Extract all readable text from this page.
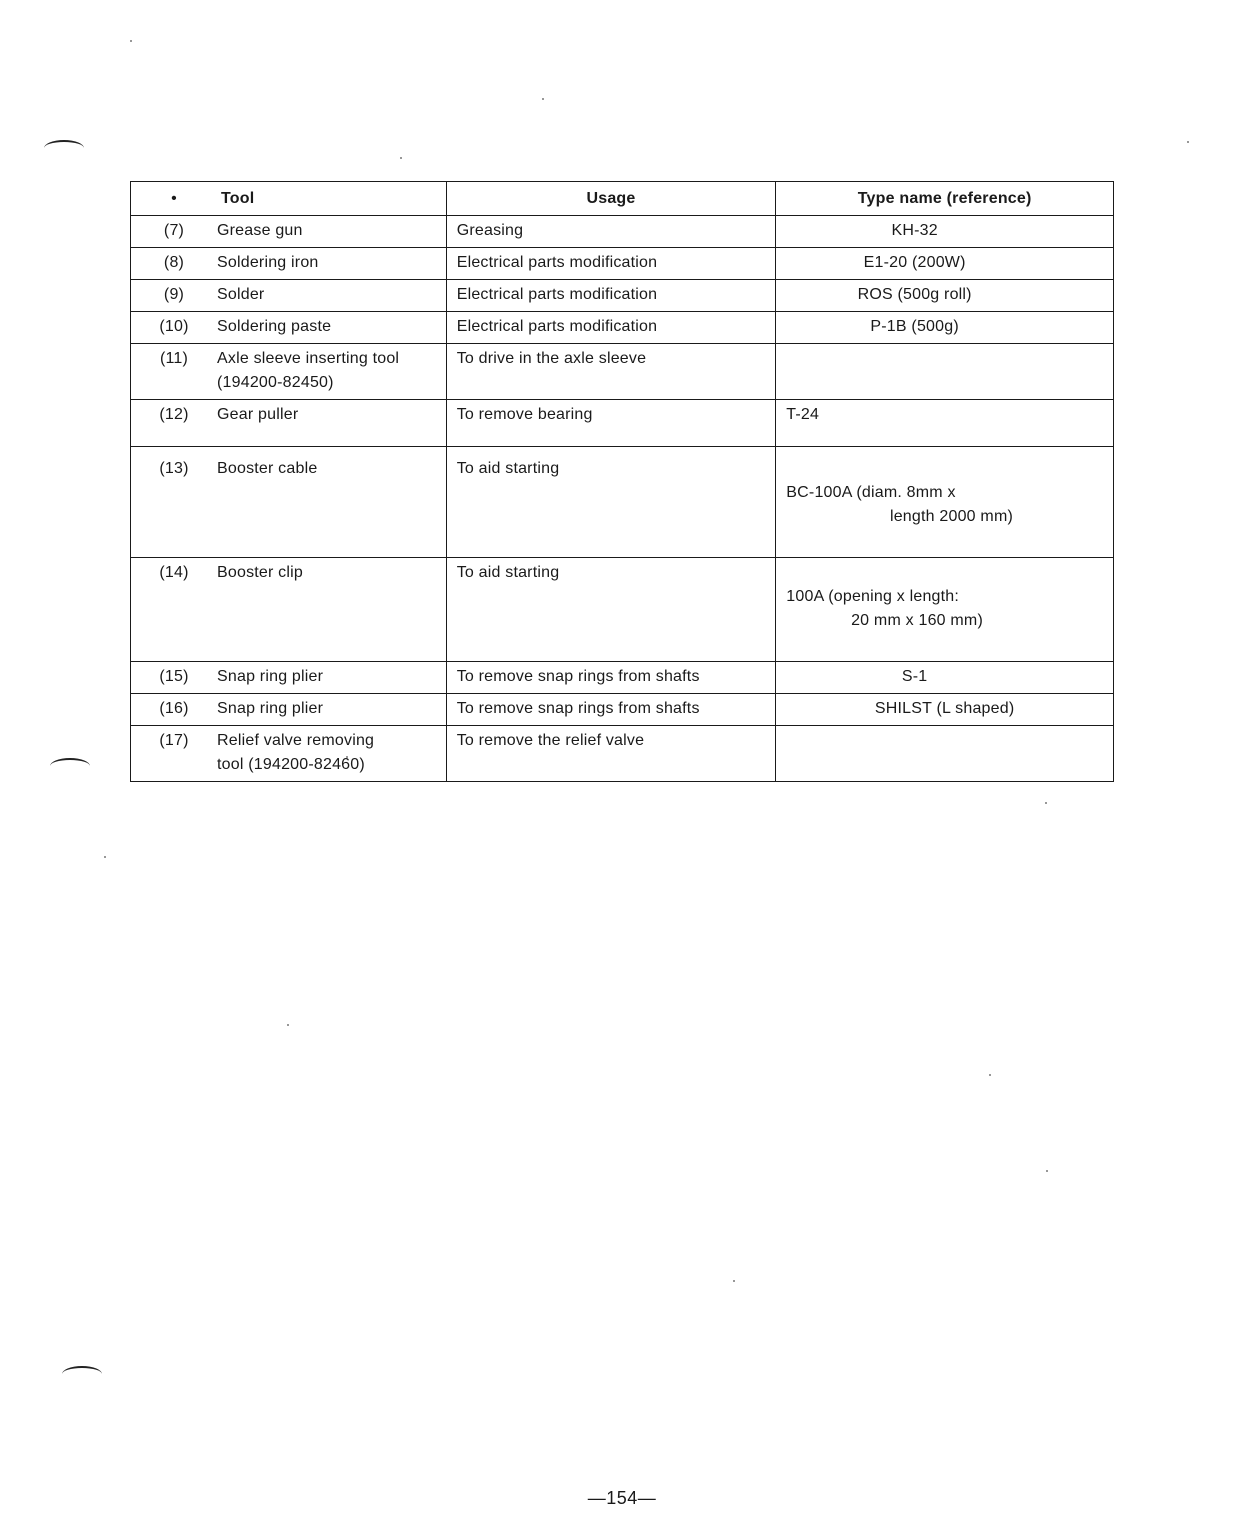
• Tool	Usage	Type name (reference)

(7) Grease gun	Greasing	KH-32

(8) Soldering iron	Electrical parts modification	E1-20 (200W)

(9) Solder	Electrical parts modification	ROS (500g roll)

(10) Soldering paste	Electrical parts modification	P-1B (500g)

(11) Axle sleeve inserting tool
(194200-82450)	To drive in the axle sleeve	

(12) Gear puller	To remove bearing	T-24

(13) Booster cable	To aid starting	BC-100A (diam. 8mm x

length 2000 mm)

(14) Booster clip	To aid starting	100A (opening x length:

20 mm x 160 mm)

(15) Snap ring plier	To remove snap rings from shafts	S-1

(16) Snap ring plier	To remove snap rings from shafts	SHILST (L shaped)

(17) Relief valve removing
tool (194200-82460)	To remove the relief valve	

—154—
